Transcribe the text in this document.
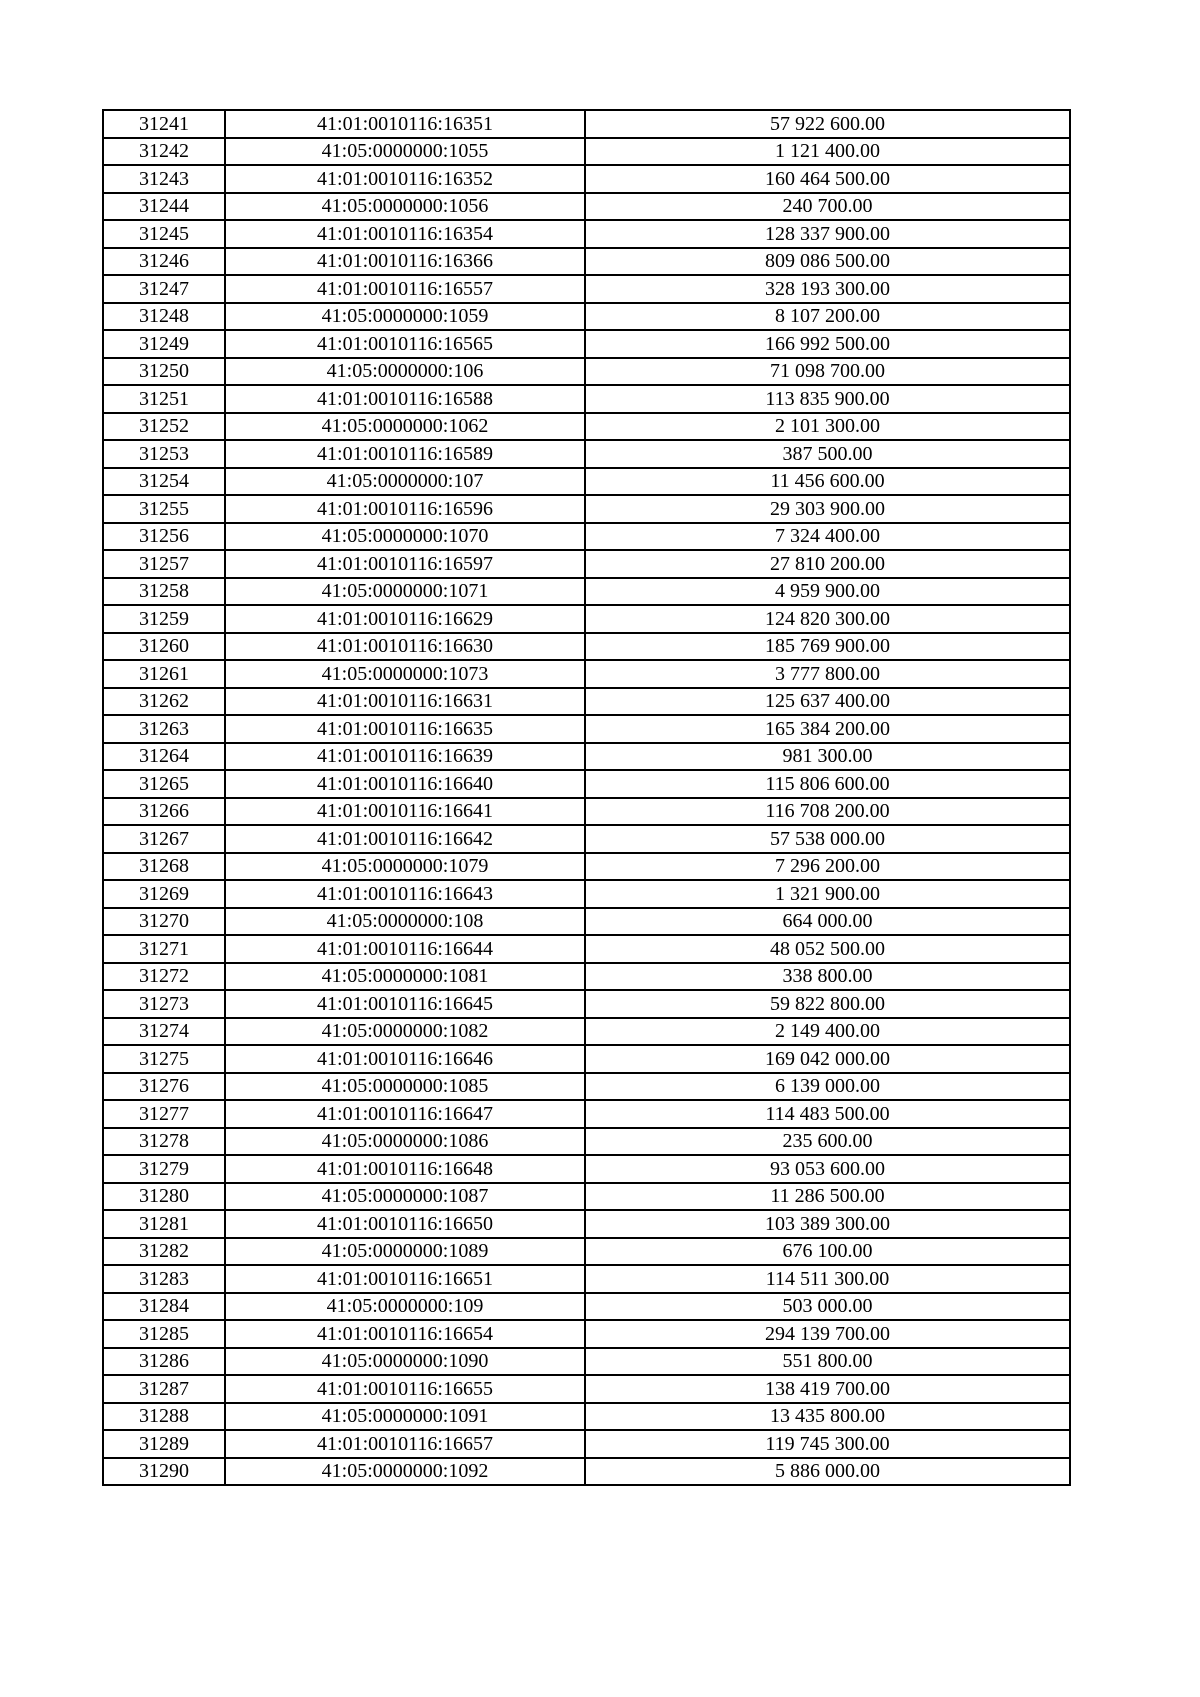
31241	41:01:0010116:16351	57 922 600.00
31242	41:05:0000000:1055	1 121 400.00
31243	41:01:0010116:16352	160 464 500.00
31244	41:05:0000000:1056	240 700.00
31245	41:01:0010116:16354	128 337 900.00
31246	41:01:0010116:16366	809 086 500.00
31247	41:01:0010116:16557	328 193 300.00
31248	41:05:0000000:1059	8 107 200.00
31249	41:01:0010116:16565	166 992 500.00
31250	41:05:0000000:106	71 098 700.00
31251	41:01:0010116:16588	113 835 900.00
31252	41:05:0000000:1062	2 101 300.00
31253	41:01:0010116:16589	387 500.00
31254	41:05:0000000:107	11 456 600.00
31255	41:01:0010116:16596	29 303 900.00
31256	41:05:0000000:1070	7 324 400.00
31257	41:01:0010116:16597	27 810 200.00
31258	41:05:0000000:1071	4 959 900.00
31259	41:01:0010116:16629	124 820 300.00
31260	41:01:0010116:16630	185 769 900.00
31261	41:05:0000000:1073	3 777 800.00
31262	41:01:0010116:16631	125 637 400.00
31263	41:01:0010116:16635	165 384 200.00
31264	41:01:0010116:16639	981 300.00
31265	41:01:0010116:16640	115 806 600.00
31266	41:01:0010116:16641	116 708 200.00
31267	41:01:0010116:16642	57 538 000.00
31268	41:05:0000000:1079	7 296 200.00
31269	41:01:0010116:16643	1 321 900.00
31270	41:05:0000000:108	664 000.00
31271	41:01:0010116:16644	48 052 500.00
31272	41:05:0000000:1081	338 800.00
31273	41:01:0010116:16645	59 822 800.00
31274	41:05:0000000:1082	2 149 400.00
31275	41:01:0010116:16646	169 042 000.00
31276	41:05:0000000:1085	6 139 000.00
31277	41:01:0010116:16647	114 483 500.00
31278	41:05:0000000:1086	235 600.00
31279	41:01:0010116:16648	93 053 600.00
31280	41:05:0000000:1087	11 286 500.00
31281	41:01:0010116:16650	103 389 300.00
31282	41:05:0000000:1089	676 100.00
31283	41:01:0010116:16651	114 511 300.00
31284	41:05:0000000:109	503 000.00
31285	41:01:0010116:16654	294 139 700.00
31286	41:05:0000000:1090	551 800.00
31287	41:01:0010116:16655	138 419 700.00
31288	41:05:0000000:1091	13 435 800.00
31289	41:01:0010116:16657	119 745 300.00
31290	41:05:0000000:1092	5 886 000.00
